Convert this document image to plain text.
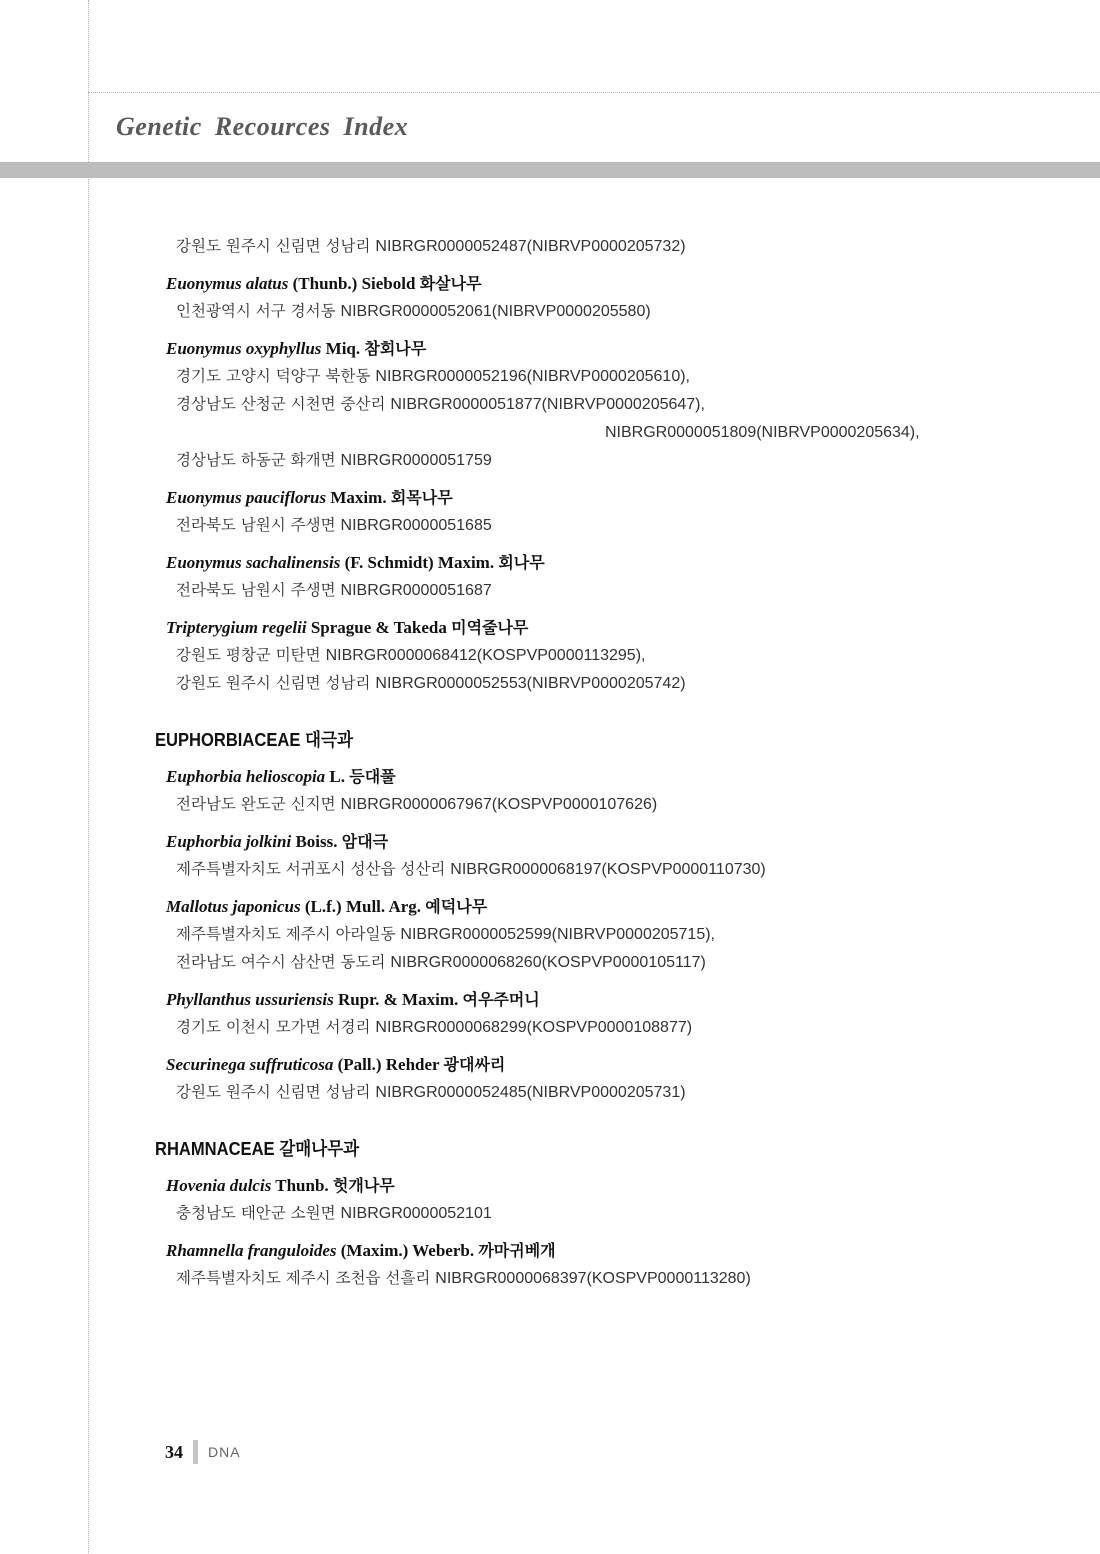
Genetic Recources Index
강원도 원주시 신림면 성남리 NIBRGR0000052487(NIBRVP0000205732)
Euonymus alatus (Thunb.) Siebold 화살나무
인천광역시 서구 경서동 NIBRGR0000052061(NIBRVP0000205580)
Euonymus oxyphyllus Miq. 참회나무
경기도 고양시 덕양구 북한동 NIBRGR0000052196(NIBRVP0000205610),
경상남도 산청군 시천면 중산리 NIBRGR0000051877(NIBRVP0000205647),
NIBRGR0000051809(NIBRVP0000205634),
경상남도 하동군 화개면 NIBRGR0000051759
Euonymus pauciflorus Maxim. 회목나무
전라북도 남원시 주생면 NIBRGR0000051685
Euonymus sachalinensis (F. Schmidt) Maxim. 회나무
전라북도 남원시 주생면 NIBRGR0000051687
Tripterygium regelii Sprague & Takeda 미역줄나무
강원도 평창군 미탄면 NIBRGR0000068412(KOSPVP0000113295),
강원도 원주시 신림면 성남리 NIBRGR0000052553(NIBRVP0000205742)
EUPHORBIACEAE 대극과
Euphorbia helioscopia L. 등대풀
전라남도 완도군 신지면 NIBRGR0000067967(KOSPVP0000107626)
Euphorbia jolkini Boiss. 암대극
제주특별자치도 서귀포시 성산읍 성산리 NIBRGR0000068197(KOSPVP0000110730)
Mallotus japonicus (L.f.) Mull. Arg. 예덕나무
제주특별자치도 제주시 아라일동 NIBRGR0000052599(NIBRVP0000205715),
전라남도 여수시 삼산면 동도리 NIBRGR0000068260(KOSPVP0000105117)
Phyllanthus ussuriensis Rupr. & Maxim. 여우주머니
경기도 이천시 모가면 서경리 NIBRGR0000068299(KOSPVP0000108877)
Securinega suffruticosa (Pall.) Rehder 광대싸리
강원도 원주시 신림면 성남리 NIBRGR0000052485(NIBRVP0000205731)
RHAMNACEAE 갈매나무과
Hovenia dulcis Thunb. 헛개나무
충청남도 태안군 소원면 NIBRGR0000052101
Rhamnella franguloides (Maxim.) Weberb. 까마귀베개
제주특별자치도 제주시 조천읍 선흘리 NIBRGR0000068397(KOSPVP0000113280)
34 DNA
